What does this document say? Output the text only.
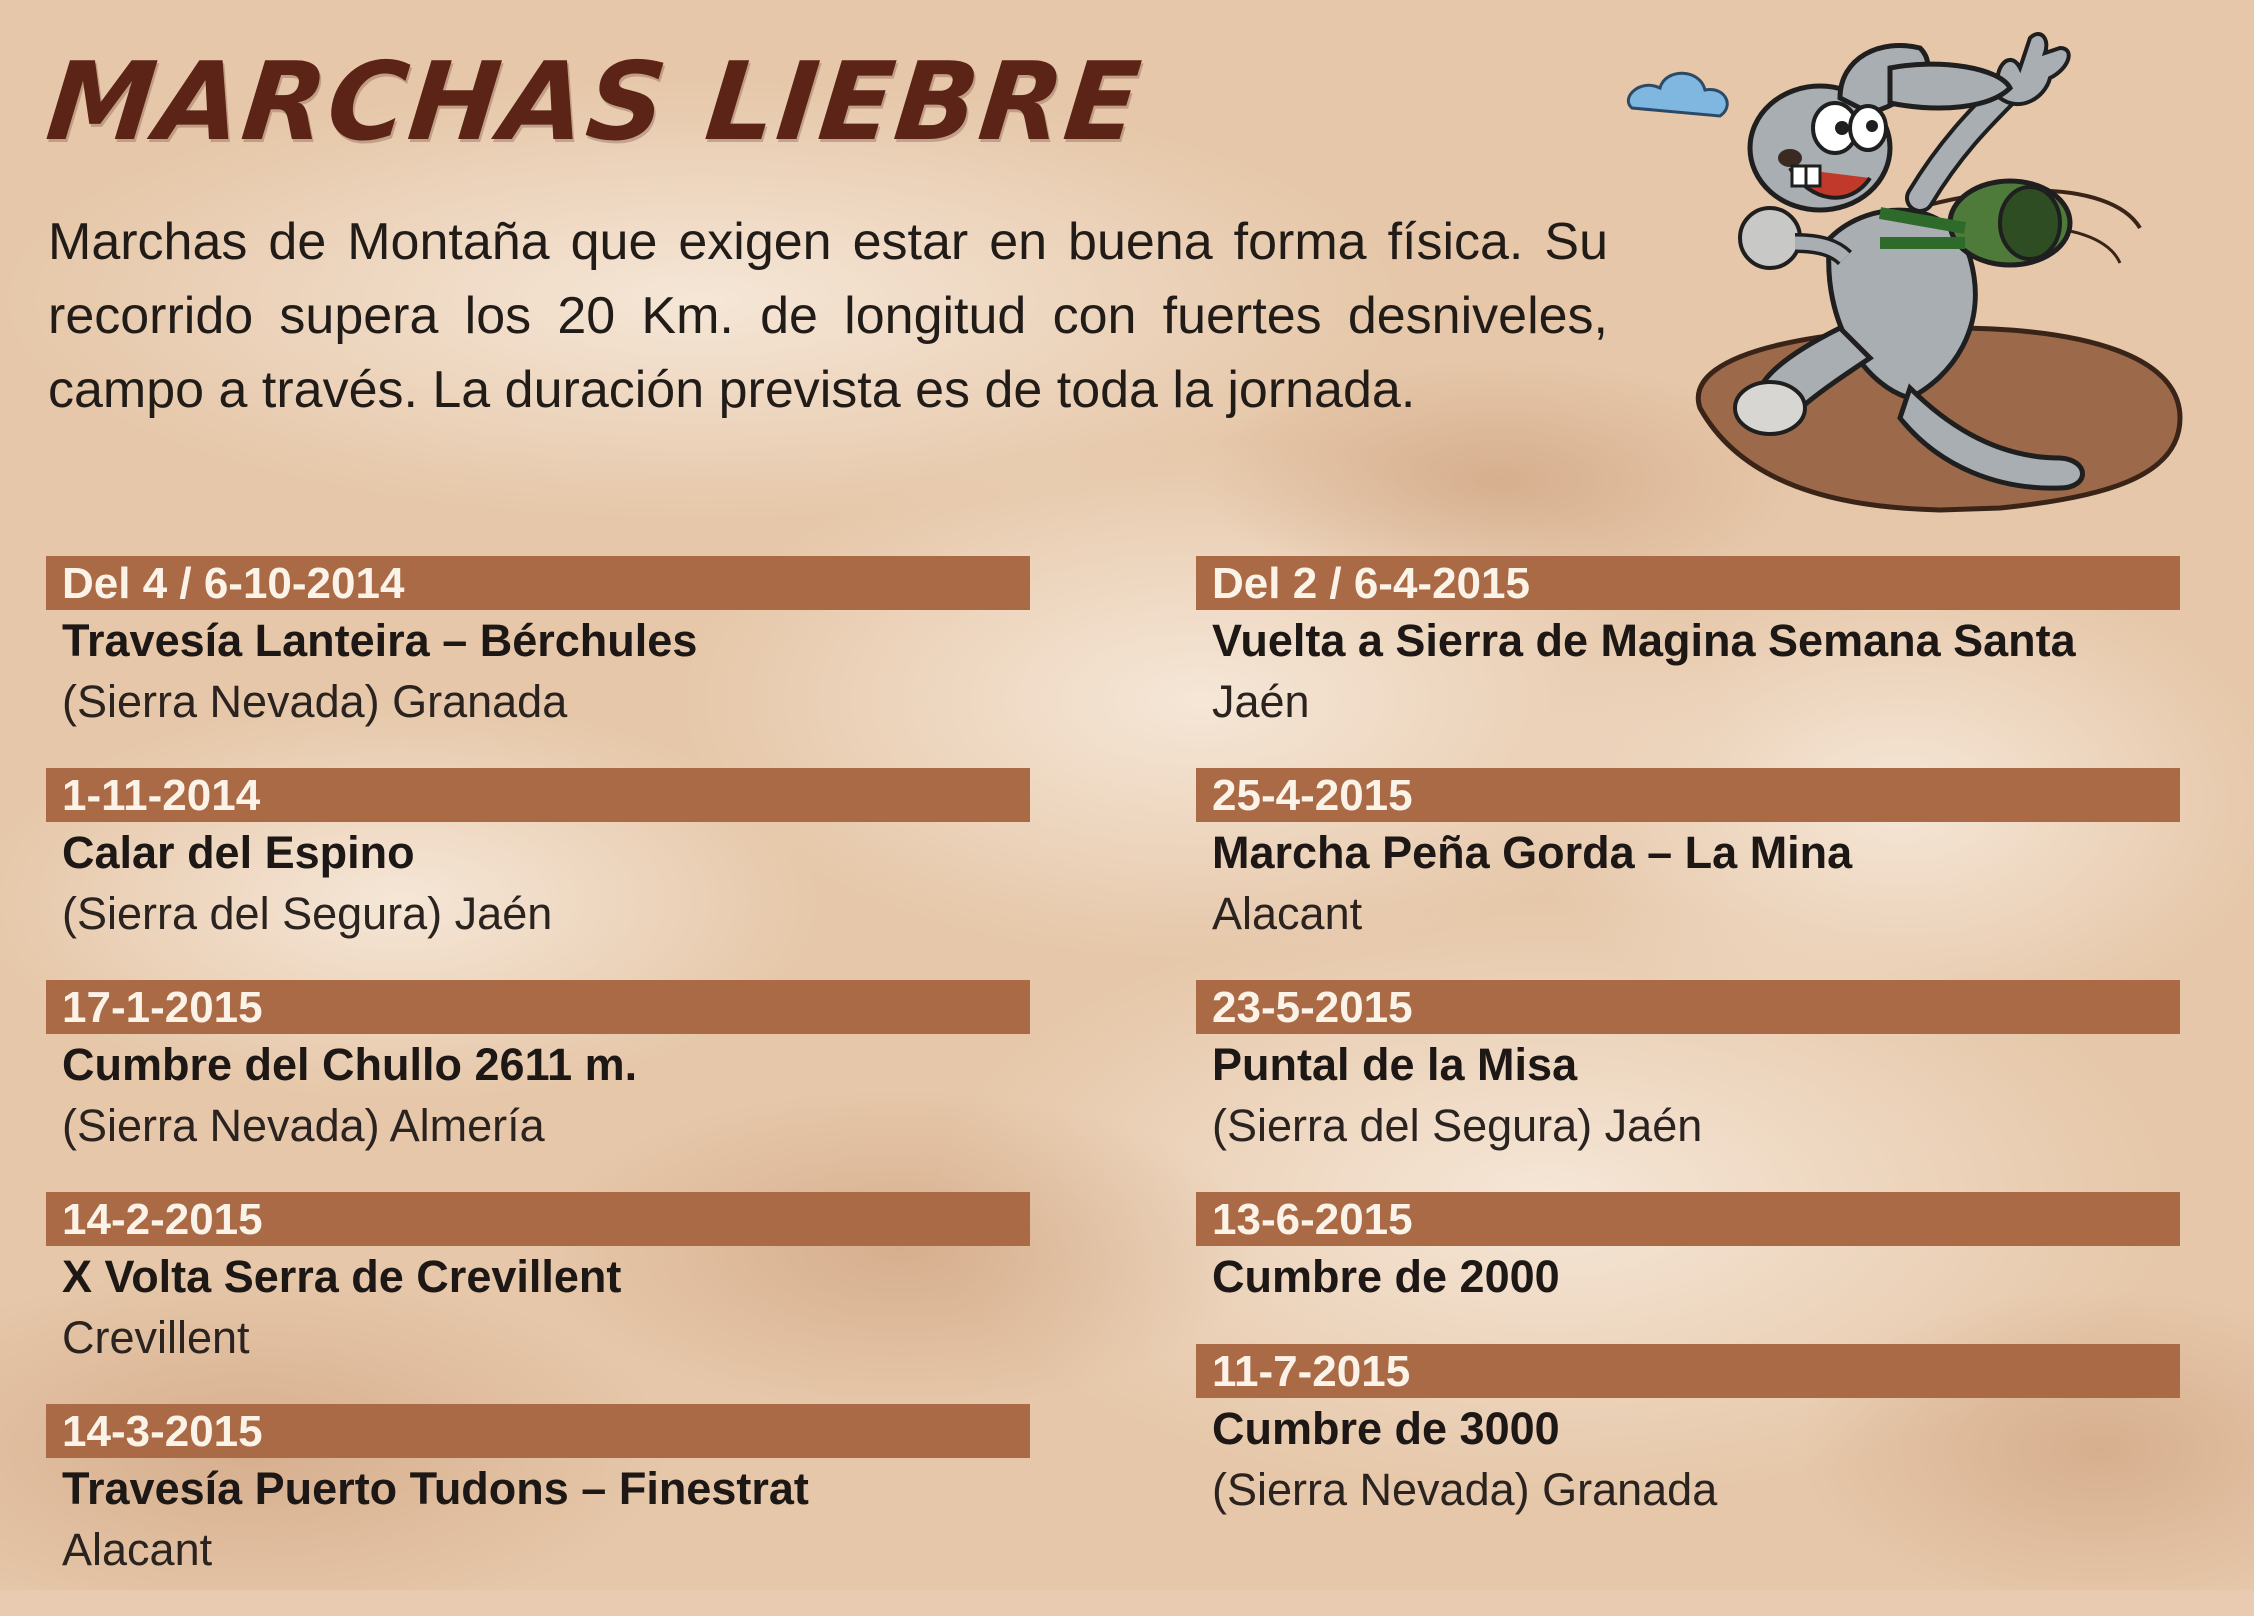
MARCHAS LIEBRE

Marchas de Montaña que exigen estar en buena forma física. Su recorrido supera los 20 Km. de longitud con fuertes desniveles, campo a través. La duración prevista es de toda la jornada.

Del 4 / 6-10-2014

Travesía Lanteira – Bérchules

(Sierra Nevada) Granada

1-11-2014

Calar del Espino

(Sierra del Segura) Jaén

17-1-2015

Cumbre del Chullo 2611 m.

(Sierra Nevada) Almería

14-2-2015

X Volta Serra de Crevillent

Crevillent

14-3-2015

Travesía Puerto Tudons – Finestrat

Alacant

Del 2 / 6-4-2015

Vuelta a Sierra de Magina Semana Santa

Jaén

25-4-2015

Marcha Peña Gorda – La Mina

Alacant

23-5-2015

Puntal de la Misa

(Sierra del Segura) Jaén

13-6-2015

Cumbre de 2000

11-7-2015

Cumbre de 3000

(Sierra Nevada) Granada
